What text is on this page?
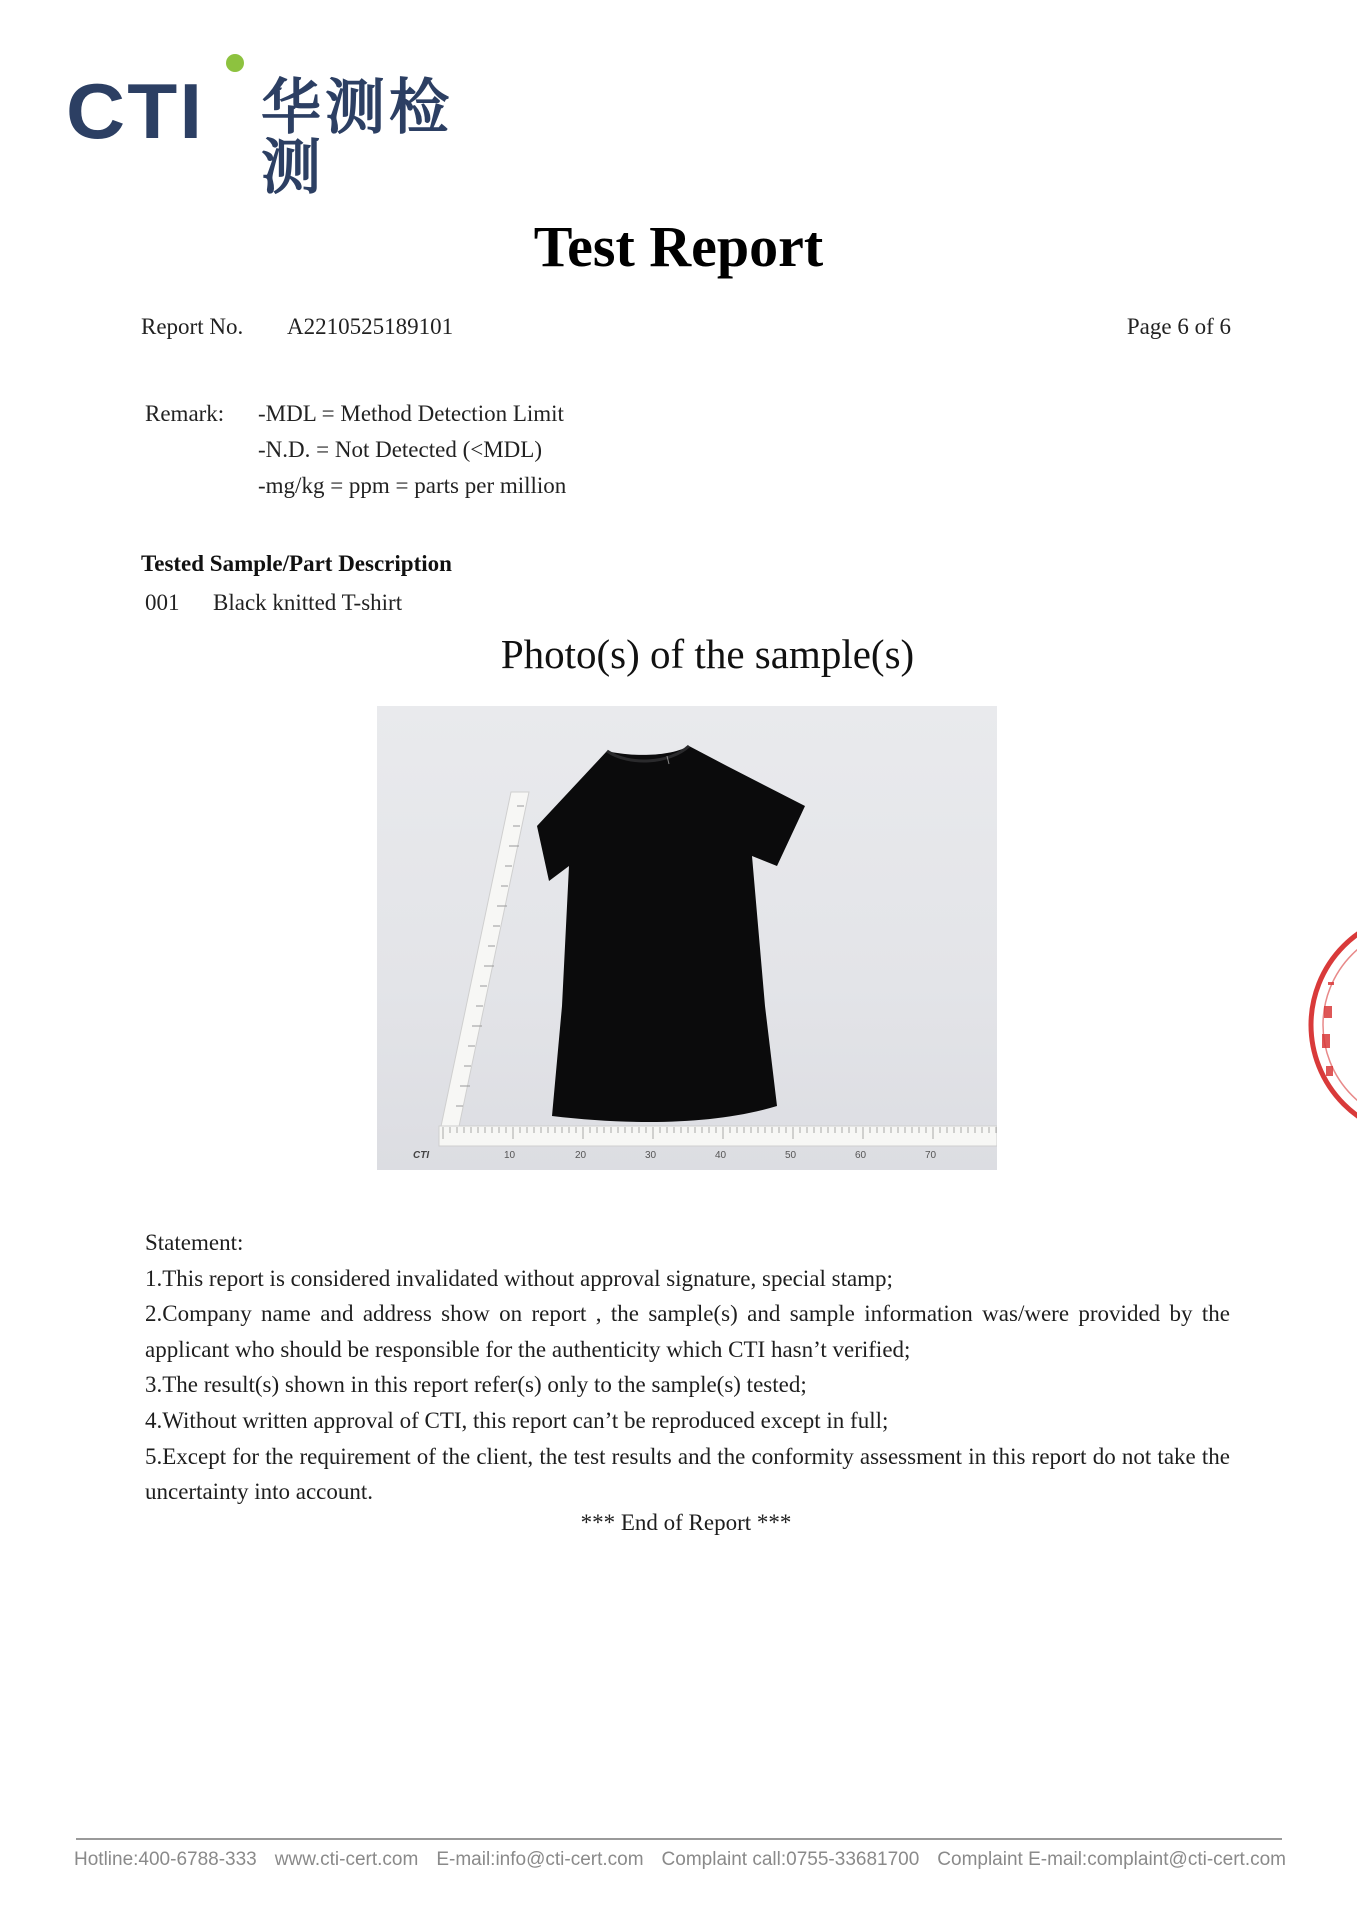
CTI 华测检测
Test Report
Report No. A2210525189101	Page 6 of 6
Remark: -MDL = Method Detection Limit
-N.D. = Not Detected (<MDL)
-mg/kg = ppm = parts per million
Tested Sample/Part Description
001 Black knitted T-shirt
Photo(s) of the sample(s)
CTI	10	20	30	40	50	60	70

Statement:

1.This report is considered invalidated without approval signature, special stamp;

2.Company name and address show on report , the sample(s) and sample information was/were provided by the applicant who should be responsible for the authenticity which CTI hasn’t verified;

3.The result(s) shown in this report refer(s) only to the sample(s) tested;

4.Without written approval of CTI, this report can’t be reproduced except in full;

5.Except for the requirement of the client, the test results and the conformity assessment in this report do not take the uncertainty into account.

*** End of Report ***
Hotline:400-6788-333 www.cti-cert.com E-mail:info@cti-cert.com Complaint call:0755-33681700 Complaint E-mail:complaint@cti-cert.com
